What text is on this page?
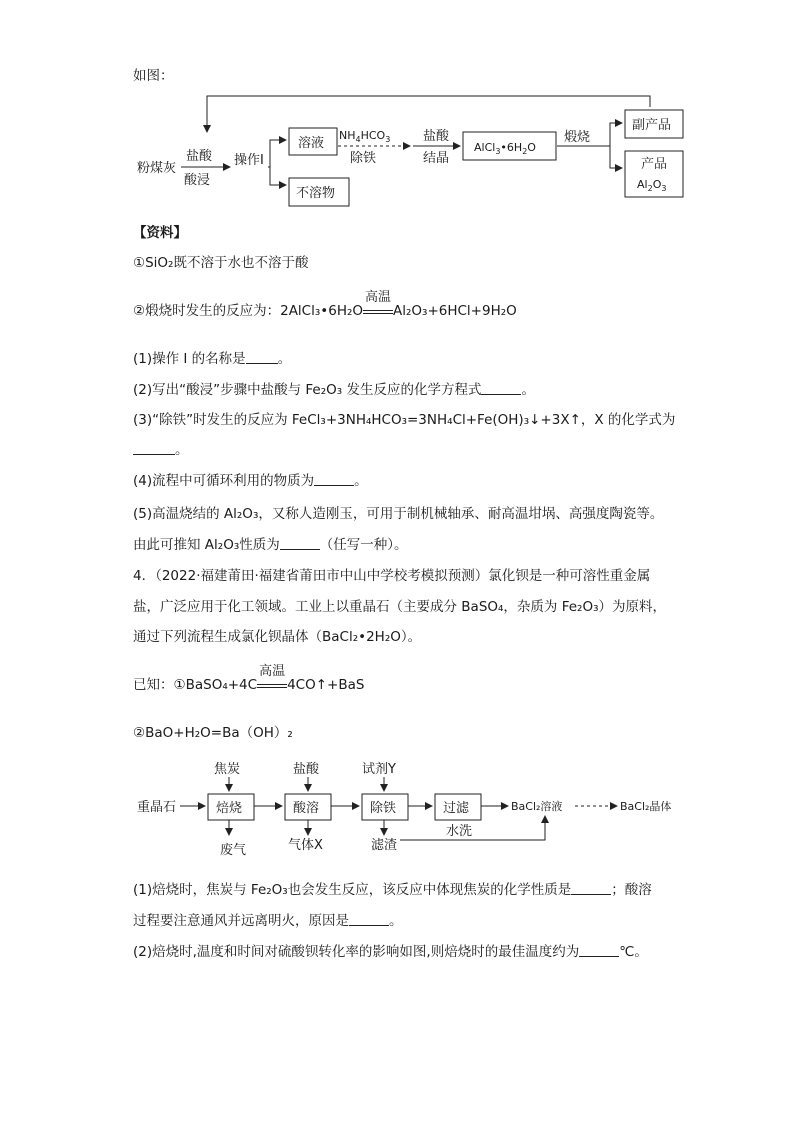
如图：
粉煤灰
盐酸
酸浸
操作I
溶液
不溶物
$NH_4HCO_3$
除铁
盐酸
结晶
$AlCl_3•6H_2O$
煅烧
副产品
产品
$Al_2O_3$
【资料】
①SiO₂既不溶于水也不溶于酸
②煅烧时发生的反应为：2AlCl₃•6H₂O
高温
Al₂O₃+6HCl+9H₂O
(1)操作 I 的名称是 。
(2)写出“酸浸”步骤中盐酸与 Fe₂O₃ 发生反应的化学方程式	。
(3)“除铁”时发生的反应为 FeCl₃+3NH₄HCO₃=3NH₄Cl+Fe(OH)₃↓+3X↑，X 的化学式为
。
(4)流程中可循环利用的物质为	。
(5)高温烧结的 Al₂O₃，又称人造刚玉，可用于制机械轴承、耐高温坩埚、高强度陶瓷等。
由此可推知 Al₂O₃性质为	（任写一种）。
4．（2022·福建莆田·福建省莆田市中山中学校考模拟预测）氯化钡是一种可溶性重金属
盐，广泛应用于化工领域。工业上以重晶石（主要成分 BaSO₄，杂质为 Fe₂O₃）为原料，
通过下列流程生成氯化钡晶体（BaCl₂•2H₂O）。
已知：①BaSO₄+4C
高温
4CO↑+BaS
②BaO+H₂O=Ba（OH）₂
重晶石
焦炭
焙烧
废气
盐酸
酸溶
气体X
试剂Y
除铁
滤渣
过滤	BaCl₂溶液
水洗
BaCl₂晶体
(1)焙烧时，焦炭与 Fe₂O₃也会发生反应，该反应中体现焦炭的化学性质是	；酸溶
过程要注意通风并远离明火，原因是	。
(2)焙烧时,温度和时间对硫酸钡转化率的影响如图,则焙烧时的最佳温度约为	℃。
